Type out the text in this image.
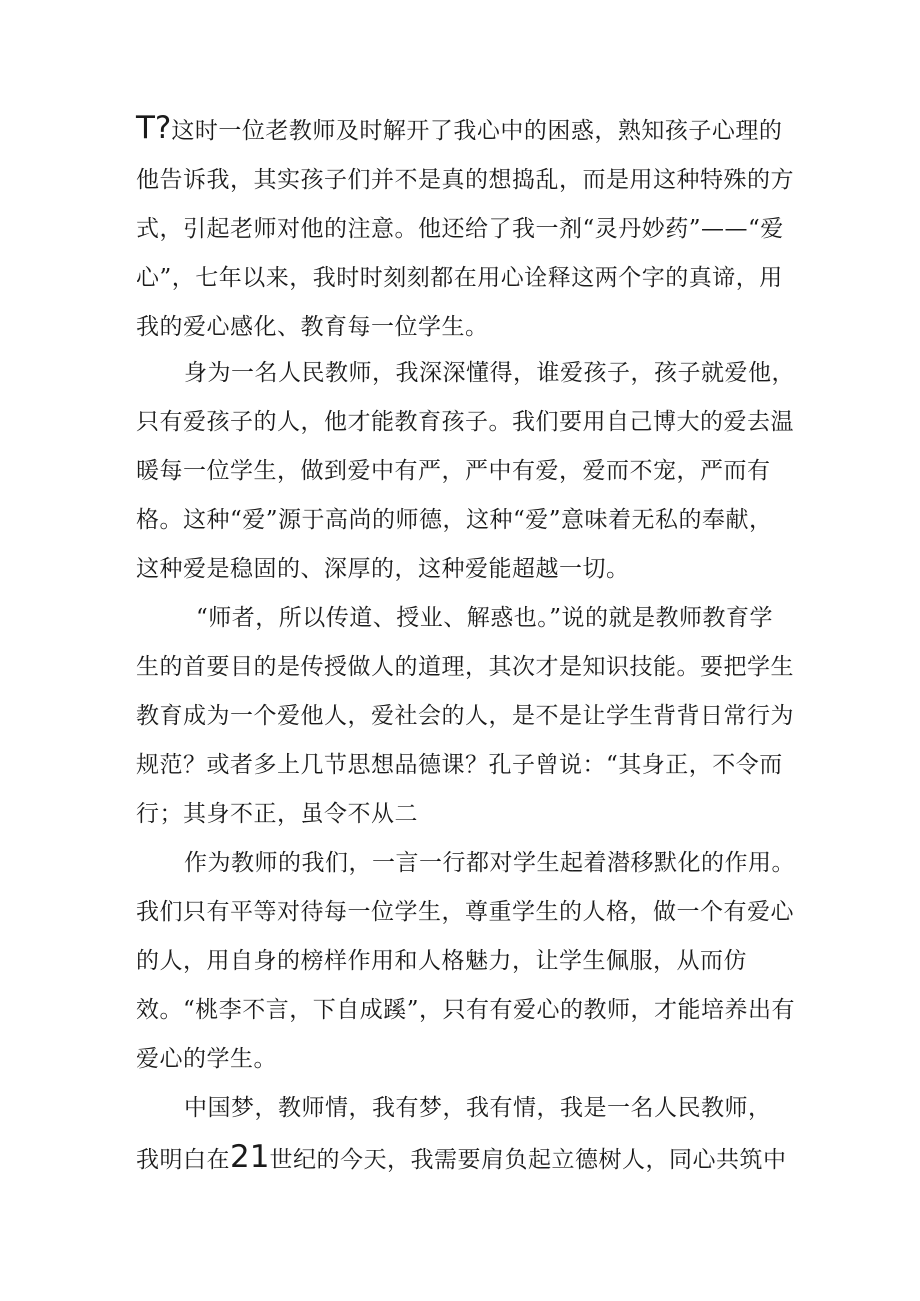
T?这时一位老教师及时解开了我心中的困惑，熟知孩子心理的他告诉我，其实孩子们并不是真的想捣乱，而是用这种特殊的方式，引起老师对他的注意。他还给了我一剂“灵丹妙药”——“爱心”，七年以来，我时时刻刻都在用心诠释这两个字的真谛，用我的爱心感化、教育每一位学生。

身为一名人民教师，我深深懂得，谁爱孩子，孩子就爱他，
只有爱孩子的人，他才能教育孩子。我们要用自己博大的爱去温暖每一位学生，做到爱中有严，严中有爱，爱而不宠，严而有格。这种“爱”源于高尚的师德，这种“爱”意味着无私的奉献，这种爱是稳固的、深厚的，这种爱能超越一切。

“师者，所以传道、授业、解惑也。”说的就是教师教育学生的首要目的是传授做人的道理，其次才是知识技能。要把学生教育成为一个爱他人，爱社会的人，是不是让学生背背日常行为规范？或者多上几节思想品德课？孔子曾说：“其身正，不令而行；其身不正，虽令不从二

作为教师的我们，一言一行都对学生起着潜移默化的作用。我们只有平等对待每一位学生，尊重学生的人格，做一个有爱心的人，用自身的榜样作用和人格魅力，让学生佩服，从而仿效。“桃李不言，下自成蹊”，只有有爱心的教师，才能培养出有爱心的学生。

中国梦，教师情，我有梦，我有情，我是一名人民教师，

我明白在21世纪的今天，我需要肩负起立德树人，同心共筑中
